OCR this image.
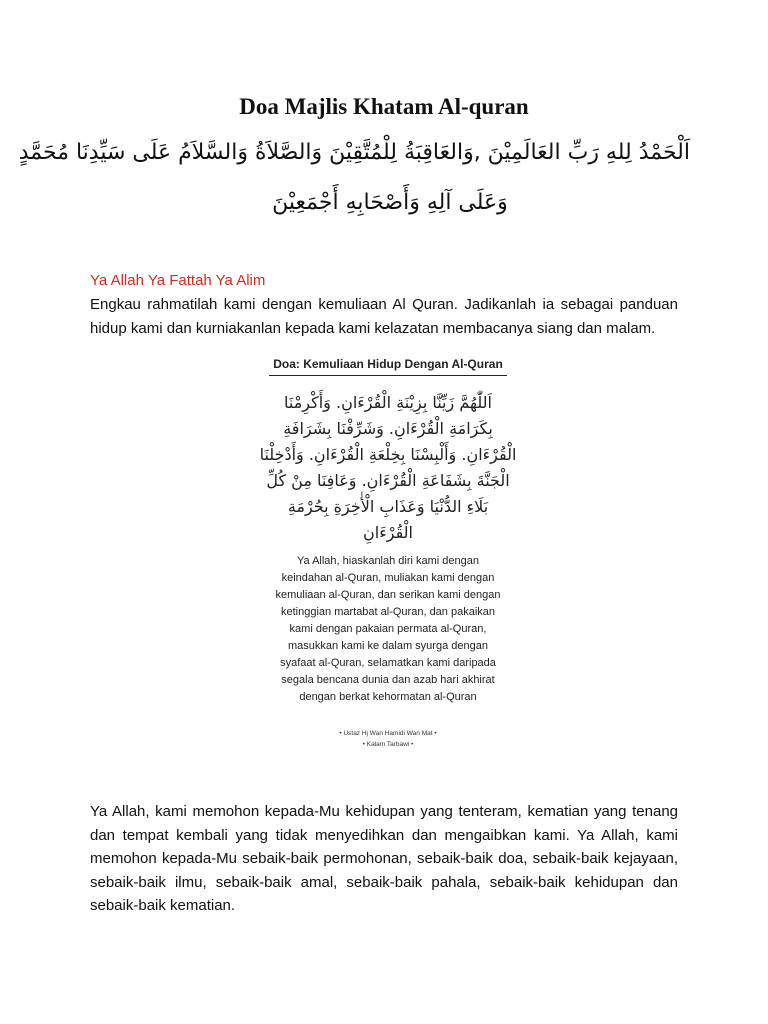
Doa Majlis Khatam Al-quran
اَلْحَمْدُ لِلهِ رَبِّ العَالَمِيْنَ ,وَالعَاقِبَةُ لِلْمُتَّقِيْنَ وَالصَّلاَةُ وَالسَّلاَمُ عَلَى سَيِّدِنَا مُحَمَّدٍ
وَعَلَى آلِهِ وَأَصْحَابِهِ أَجْمَعِيْنَ
Ya Allah Ya Fattah Ya Alim
Engkau rahmatilah kami dengan kemuliaan Al Quran. Jadikanlah ia sebagai panduan hidup kami dan kurniakanlan kepada kami kelazatan membacanya siang dan malam.
Doa: Kemuliaan Hidup Dengan Al-Quran
اَللّٰهُمَّ زَيِّنَّا بِزِيْنَةِ الْقُرْءَانِ. وَأَكْرِمْنَا
بِكَرَامَةِ الْقُرْءَانِ. وَشَرِّفْنَا بِشَرَافَةِ
الْقُرْءَانِ. وَأَلْبِسْنَا بِخِلْعَةِ الْقُرْءَانِ. وَأَدْخِلْنَا
الْجَنَّةَ بِشَفَاعَةِ الْقُرْءَانِ. وَعَافِنَا مِنْ كُلِّ
بَلَاءِ الدُّنْيَا وَعَذَابِ الْأٰخِرَةِ بِحُرْمَةِ
الْقُرْءَانِ
Ya Allah, hiaskanlah diri kami dengan
keindahan al-Quran, muliakan kami dengan
kemuliaan al-Quran, dan serikan kami dengan
ketinggian martabat al-Quran, dan pakaikan
kami dengan pakaian permata al-Quran,
masukkan kami ke dalam syurga dengan
syafaat al-Quran, selamatkan kami daripada
segala bencana dunia dan azab hari akhirat
dengan berkat kehormatan al-Quran
• Ustaz Hj Wan Hamidi Wan Mat •
• Kalam Tarbawi •
Ya Allah, kami memohon kepada-Mu kehidupan yang tenteram, kematian yang tenang dan tempat kembali yang tidak menyedihkan dan mengaibkan kami. Ya Allah, kami memohon kepada-Mu sebaik-baik permohonan, sebaik-baik doa, sebaik-baik kejayaan, sebaik-baik ilmu, sebaik-baik amal, sebaik-baik pahala, sebaik-baik kehidupan dan sebaik-baik kematian.
